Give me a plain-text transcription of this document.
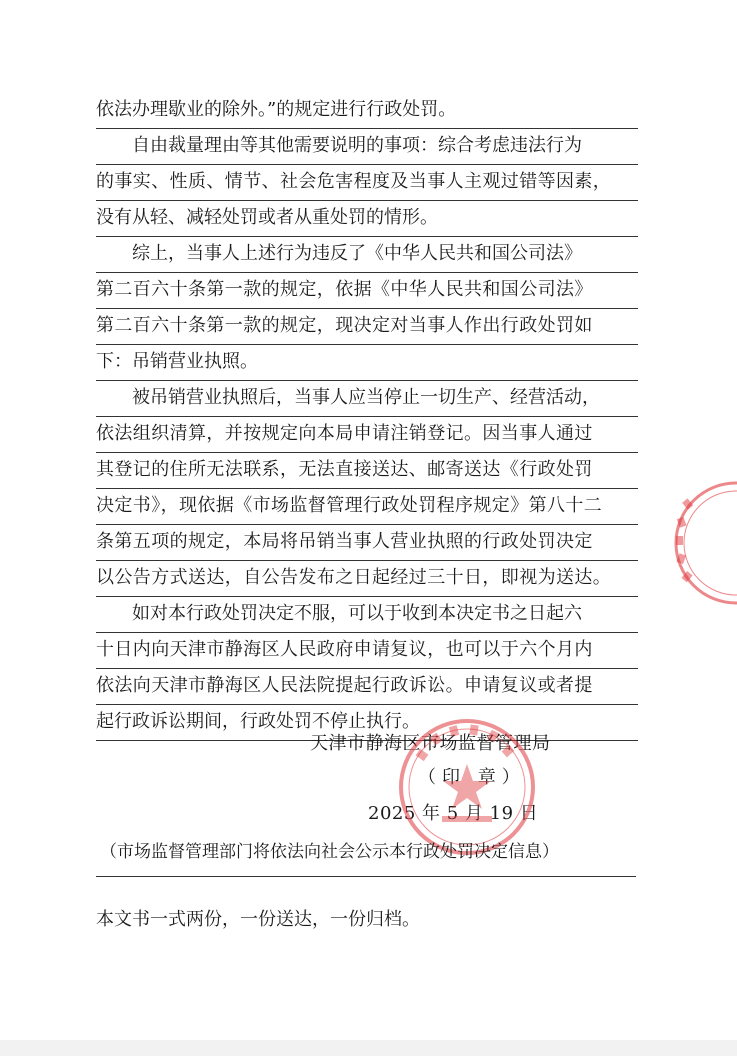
依法办理歇业的除外。”的规定进行行政处罚。
自由裁量理由等其他需要说明的事项：综合考虑违法行为
的事实、性质、情节、社会危害程度及当事人主观过错等因素，
没有从轻、减轻处罚或者从重处罚的情形。
综上，当事人上述行为违反了《中华人民共和国公司法》
第二百六十条第一款的规定，依据《中华人民共和国公司法》
第二百六十条第一款的规定，现决定对当事人作出行政处罚如
下：吊销营业执照。
被吊销营业执照后，当事人应当停止一切生产、经营活动，
依法组织清算，并按规定向本局申请注销登记。因当事人通过
其登记的住所无法联系，无法直接送达、邮寄送达《行政处罚
决定书》，现依据《市场监督管理行政处罚程序规定》第八十二
条第五项的规定，本局将吊销当事人营业执照的行政处罚决定
以公告方式送达，自公告发布之日起经过三十日，即视为送达。
如对本行政处罚决定不服，可以于收到本决定书之日起六
十日内向天津市静海区人民政府申请复议，也可以于六个月内
依法向天津市静海区人民法院提起行政诉讼。申请复议或者提
起行政诉讼期间，行政处罚不停止执行。
天津市静海区市场监督管理局
（印 章）
2025 年 5 月 19 日
（市场监督管理部门将依法向社会公示本行政处罚决定信息）
本文书一式两份，一份送达，一份归档。
